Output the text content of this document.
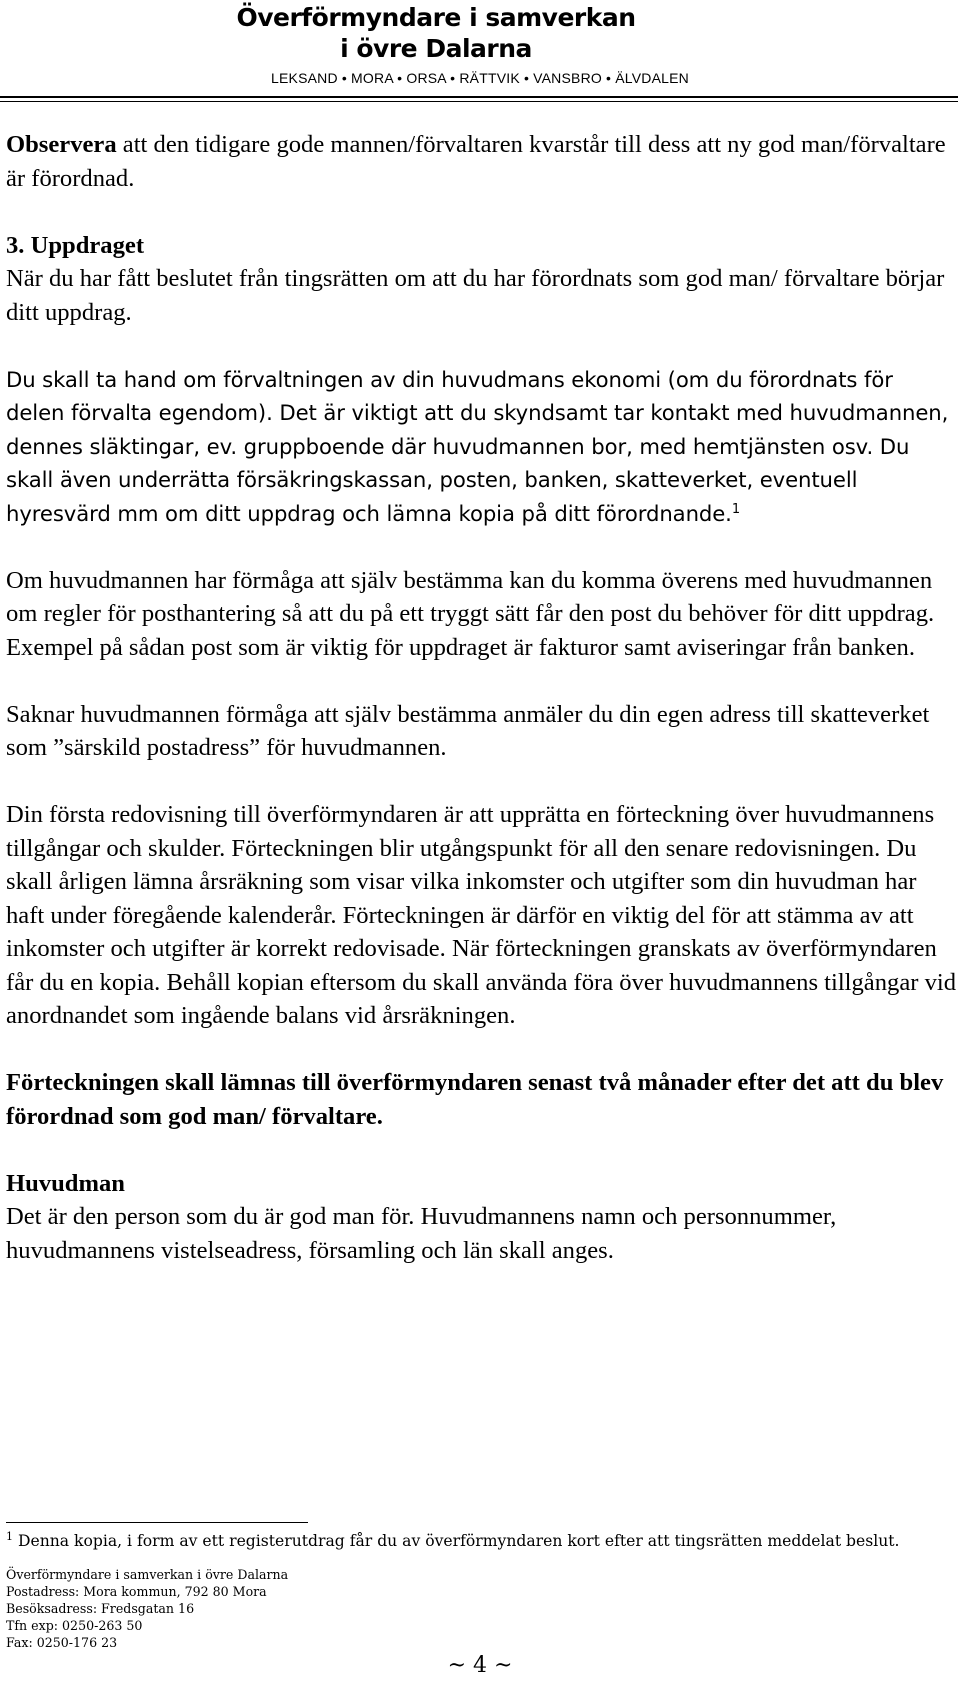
Överförmyndare i samverkan
i övre Dalarna
LEKSAND • MORA • ORSA • RÄTTVIK • VANSBRO • ÄLVDALEN

Observera att den tidigare gode mannen/förvaltaren kvarstår till dess att ny god man/förvaltare är förordnad.

3. Uppdraget

När du har fått beslutet från tingsrätten om att du har förordnats som god man/ förvaltare börjar ditt uppdrag.

Du skall ta hand om förvaltningen av din huvudmans ekonomi (om du förordnats för delen förvalta egendom). Det är viktigt att du skyndsamt tar kontakt med huvudmannen, dennes släktingar, ev. gruppboende där huvudmannen bor, med hemtjänsten osv. Du skall även underrätta försäkringskassan, posten, banken, skatteverket, eventuell hyresvärd mm om ditt uppdrag och lämna kopia på ditt förordnande.$^1$

Om huvudmannen har förmåga att själv bestämma kan du komma överens med huvudmannen om regler för posthantering så att du på ett tryggt sätt får den post du behöver för ditt uppdrag. Exempel på sådan post som är viktig för uppdraget är fakturor samt aviseringar från banken.

Saknar huvudmannen förmåga att själv bestämma anmäler du din egen adress till skatteverket som ”särskild postadress” för huvudmannen.

Din första redovisning till överförmyndaren är att upprätta en förteckning över huvudmannens tillgångar och skulder. Förteckningen blir utgångspunkt för all den senare redovisningen. Du skall årligen lämna årsräkning som visar vilka inkomster och utgifter som din huvudman har haft under föregående kalenderår. Förteckningen är därför en viktig del för att stämma av att inkomster och utgifter är korrekt redovisade. När förteckningen granskats av överförmyndaren får du en kopia. Behåll kopian eftersom du skall använda föra över huvudmannens tillgångar vid anordnandet som ingående balans vid årsräkningen.

Förteckningen skall lämnas till överförmyndaren senast två månader efter det att du blev förordnad som god man/ förvaltare.

Huvudman

Det är den person som du är god man för. Huvudmannens namn och personnummer, huvudmannens vistelseadress, församling och län skall anges.

$^1$ Denna kopia, i form av ett registerutdrag får du av överförmyndaren kort efter att tingsrätten meddelat beslut.
Överförmyndare i samverkan i övre Dalarna
Postadress: Mora kommun, 792 80 Mora
Besöksadress: Fredsgatan 16
Tfn exp: 0250-263 50
Fax: 0250-176 23
~ 4 ~
